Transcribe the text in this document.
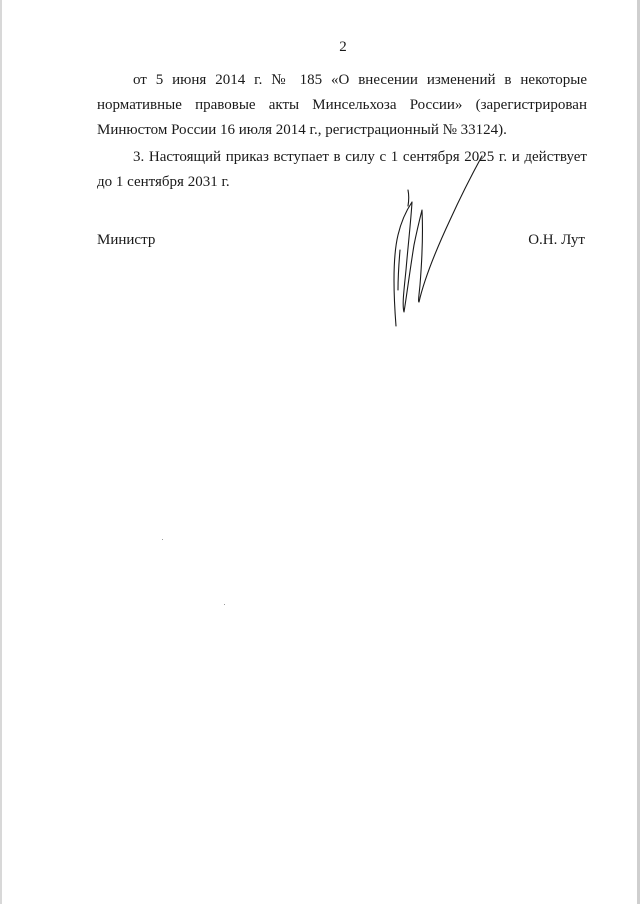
2

от 5 июня 2014 г. № 185 «О внесении изменений в некоторые нормативные правовые акты Минсельхоза России» (зарегистрирован Минюстом России 16 июля 2014 г., регистрационный № 33124).

3. Настоящий приказ вступает в силу с 1 сентября 2025 г. и действует до 1 сентября 2031 г.

Министр	О.Н. Лут
